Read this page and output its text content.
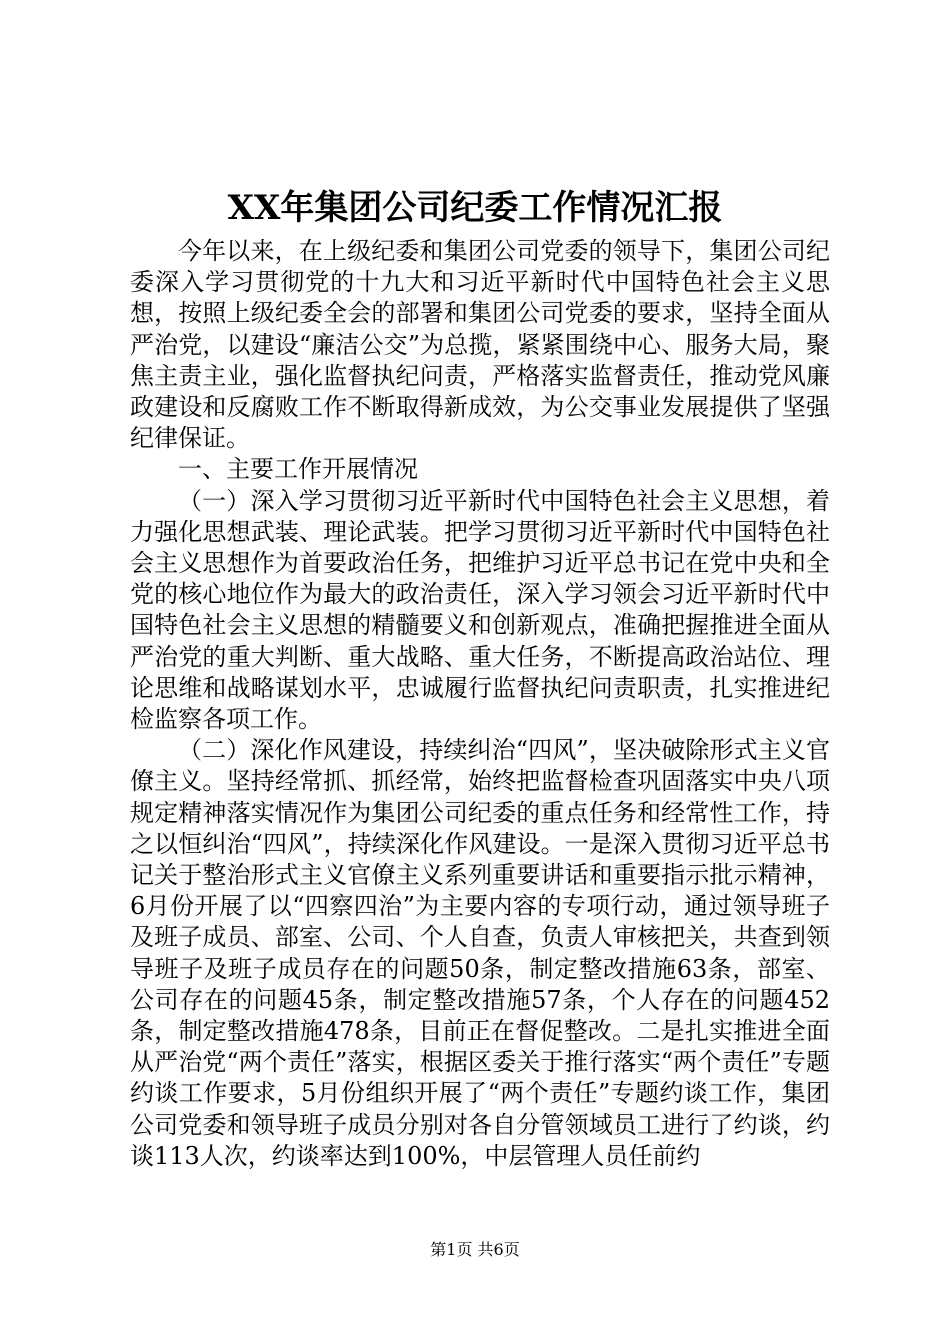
XX年集团公司纪委工作情况汇报

今年以来，在上级纪委和集团公司党委的领导下，集团公司纪委深入学习贯彻党的十九大和习近平新时代中国特色社会主义思想，按照上级纪委全会的部署和集团公司党委的要求，坚持全面从严治党，以建设“廉洁公交”为总揽，紧紧围绕中心、服务大局，聚焦主责主业，强化监督执纪问责，严格落实监督责任，推动党风廉政建设和反腐败工作不断取得新成效，为公交事业发展提供了坚强纪律保证。

一、主要工作开展情况

（一）深入学习贯彻习近平新时代中国特色社会主义思想，着力强化思想武装、理论武装。把学习贯彻习近平新时代中国特色社会主义思想作为首要政治任务，把维护习近平总书记在党中央和全党的核心地位作为最大的政治责任，深入学习领会习近平新时代中国特色社会主义思想的精髓要义和创新观点，准确把握推进全面从严治党的重大判断、重大战略、重大任务，不断提高政治站位、理论思维和战略谋划水平，忠诚履行监督执纪问责职责，扎实推进纪检监察各项工作。

（二）深化作风建设，持续纠治“四风”，坚决破除形式主义官僚主义。坚持经常抓、抓经常，始终把监督检查巩固落实中央八项规定精神落实情况作为集团公司纪委的重点任务和经常性工作，持之以恒纠治“四风”，持续深化作风建设。一是深入贯彻习近平总书记关于整治形式主义官僚主义系列重要讲话和重要指示批示精神，6月份开展了以“四察四治”为主要内容的专项行动，通过领导班子及班子成员、部室、公司、个人自查，负责人审核把关，共查到领导班子及班子成员存在的问题50条，制定整改措施63条，部室、公司存在的问题45条，制定整改措施57条，个人存在的问题452条，制定整改措施478条，目前正在督促整改。二是扎实推进全面从严治党“两个责任”落实，根据区委关于推行落实“两个责任”专题约谈工作要求，5月份组织开展了“两个责任”专题约谈工作，集团公司党委和领导班子成员分别对各自分管领域员工进行了约谈，约谈113人次，约谈率达到100%，中层管理人员任前约

第1页 共6页
